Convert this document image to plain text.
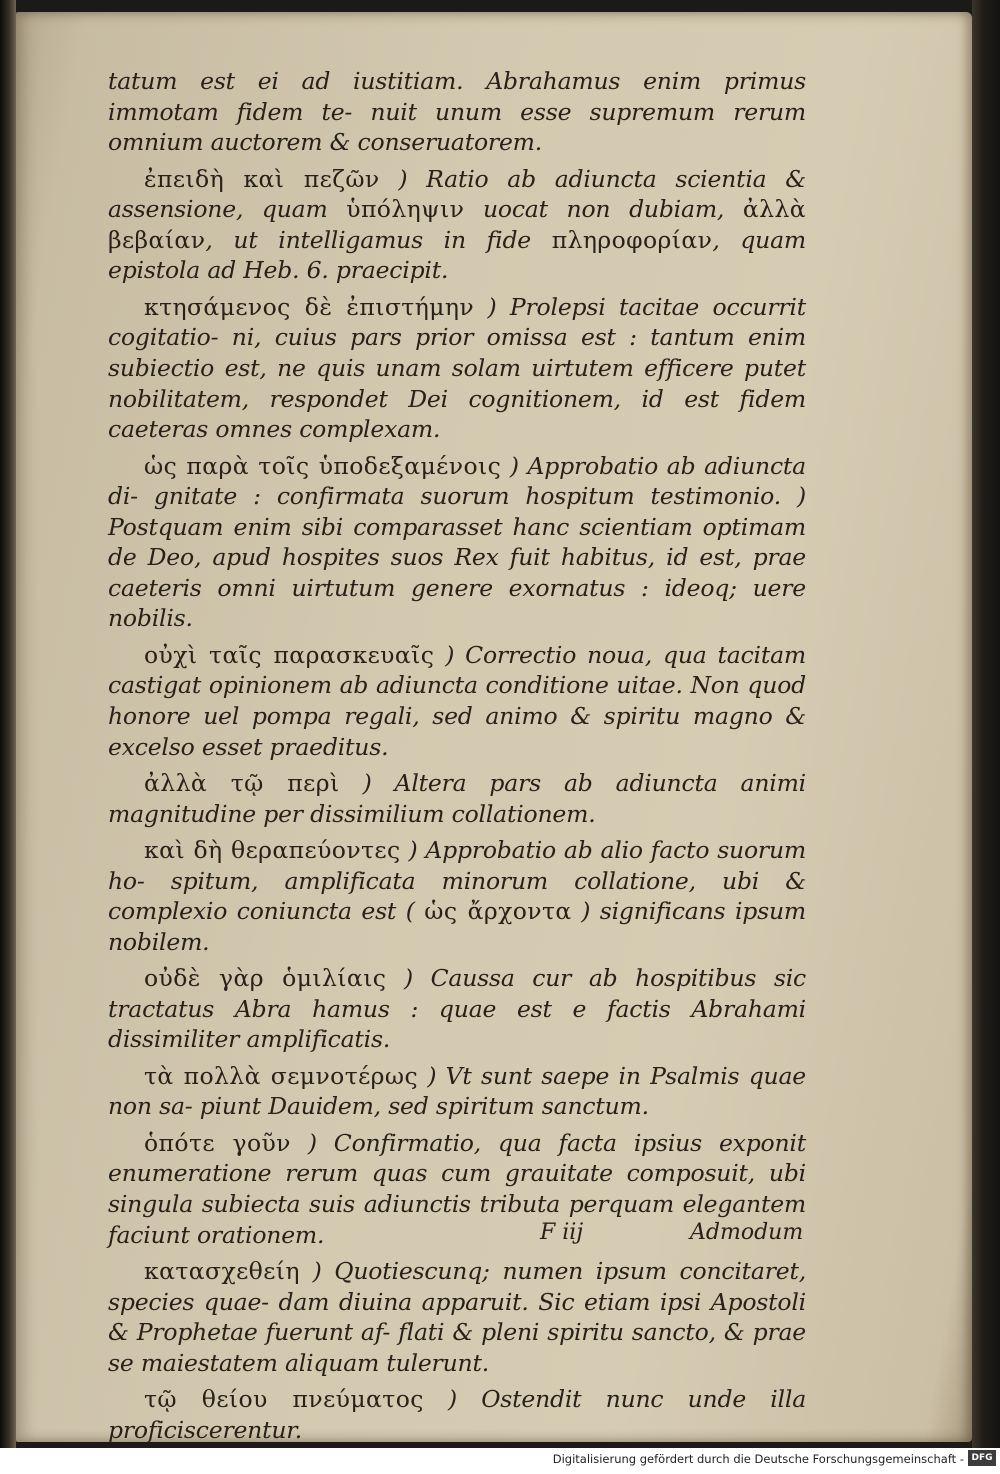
tatum est ei ad iustitiam. Abrahamus enim primus immotam fidem te- nuit unum esse supremum rerum omnium auctorem & conseruatorem.

ἐπειδὴ καὶ πεζῶν ) Ratio ab adiuncta scientia & assensione, quam ὑπόληψιν uocat non dubiam, ἀλλὰ βεβαίαν, ut intelligamus in fide πληροφορίαν, quam epistola ad Heb. 6. praecipit.

κτησάμενος δὲ ἐπιστήμην ) Prolepsi tacitae occurrit cogitatio- ni, cuius pars prior omissa est : tantum enim subiectio est, ne quis unam solam uirtutem efficere putet nobilitatem, respondet Dei cognitionem, id est fidem caeteras omnes complexam.

ὡς παρὰ τοῖς ὑποδεξαμένοις ) Approbatio ab adiuncta di- gnitate : confirmata suorum hospitum testimonio. ) Postquam enim sibi comparasset hanc scientiam optimam de Deo, apud hospites suos Rex fuit habitus, id est, prae caeteris omni uirtutum genere exornatus : ideoq; uere nobilis.

οὐχὶ ταῖς παρασκευαῖς ) Correctio noua, qua tacitam castigat opinionem ab adiuncta conditione uitae. Non quod honore uel pompa regali, sed animo & spiritu magno & excelso esset praeditus.

ἀλλὰ τῷ περὶ ) Altera pars ab adiuncta animi magnitudine per dissimilium collationem.

καὶ δὴ θεραπεύοντες ) Approbatio ab alio facto suorum ho- spitum, amplificata minorum collatione, ubi & complexio coniuncta est ( ὡς ἄρχοντα ) significans ipsum nobilem.

οὐδὲ γὰρ ὁμιλίαις ) Caussa cur ab hospitibus sic tractatus Abra hamus : quae est e factis Abrahami dissimiliter amplificatis.

τὰ πολλὰ σεμνοτέρως ) Vt sunt saepe in Psalmis quae non sa- piunt Dauidem, sed spiritum sanctum.

ὁπότε γοῦν ) Confirmatio, qua facta ipsius exponit enumeratione rerum quas cum grauitate composuit, ubi singula subiecta suis adiunctis tributa perquam elegantem faciunt orationem.

κατασχεθείη ) Quotiescunq; numen ipsum concitaret, species quae- dam diuina apparuit. Sic etiam ipsi Apostoli & Prophetae fuerunt af- flati & pleni spiritu sancto, & prae se maiestatem aliquam tulerunt.

τῷ θείου πνεύματος ) Ostendit nunc unde illa proficiscerentur.

F iij	Admodum
Digitalisierung gefördert durch die Deutsche Forschungsgemeinschaft - DFG
